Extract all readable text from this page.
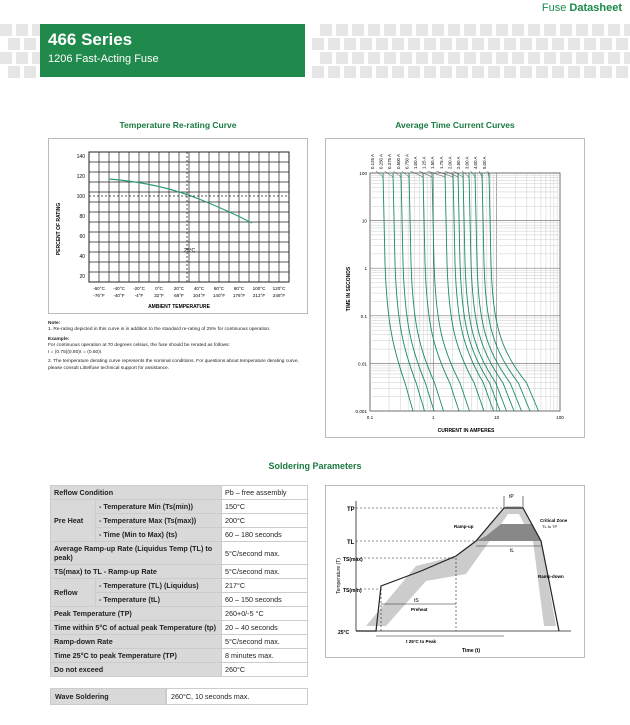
Fuse Datasheet
466 Series
1206 Fast-Acting Fuse
Temperature Re-rating Curve
PERCENT OF RATING
140
120
100
80
60
40
20
-60°C -40°C -20°C 0°C 20°C 40°C 60°C 80°C 100°C 120°C
-76°F -40°F -4°F 32°F 68°F 104°F 140°F 176°F 212°F 248°F
AMBIENT TEMPERATURE
25°C
Note:
1. Re-rating depicted in this curve is in addition to the standard re-rating of 25% for continuous operation.
Example:
For continuous operation at 70 degrees celsius, the fuse should be rerated as follows:
I = (0.75)(0.80)I  = (0.60)I
2. The temperature derating curve represents the nominal conditions. For questions about temperature derating curve, please consult Littelfuse technical support for assistance.
Average Time Current Curves
100
10
1
0.1
0.01
0.001
0.1	1	10	100
0.125 A 0.250 A 0.375 A 0.500 A 0.750 A 1.00 A 1.25 A 1.50 A 1.75 A 2.00 A 2.50 A 3.00 A 4.00 A 5.00 A
TIME IN SECONDS
CURRENT IN AMPERES
Soldering Parameters
Reflow Condition		Pb – free assembly
Pre Heat	- Temperature Min (Ts(min))	150°C
	- Temperature Max (Ts(max))	200°C
	- Time (Min to Max) (ts)	60 – 180 seconds
Average Ramp-up Rate (Liquidus Temp (TL) to peak)		5°C/second max.
TS(max) to TL - Ramp-up Rate		5°C/second max.
Reflow	- Temperature (TL) (Liquidus)	217°C
	- Temperature (tL)	60 – 150 seconds
Peak Temperature (TP)		260+0/-5 °C
Time within 5°C of actual peak Temperature (tp)		20 – 40 seconds
Ramp-down Rate		5°C/second max.
Time 25°C to peak Temperature (TP)		8 minutes max.
Do not exceed		260°C
Wave Soldering	260°C, 10 seconds max.
Temperature (T)
Time (t)
TP
TL
TS(max)
TS(min)
25°C
Ramp-up
Ramp-down
Critical Zone
TL to TP
Preheat
tS
tL
tP
t 25°C to Peak
